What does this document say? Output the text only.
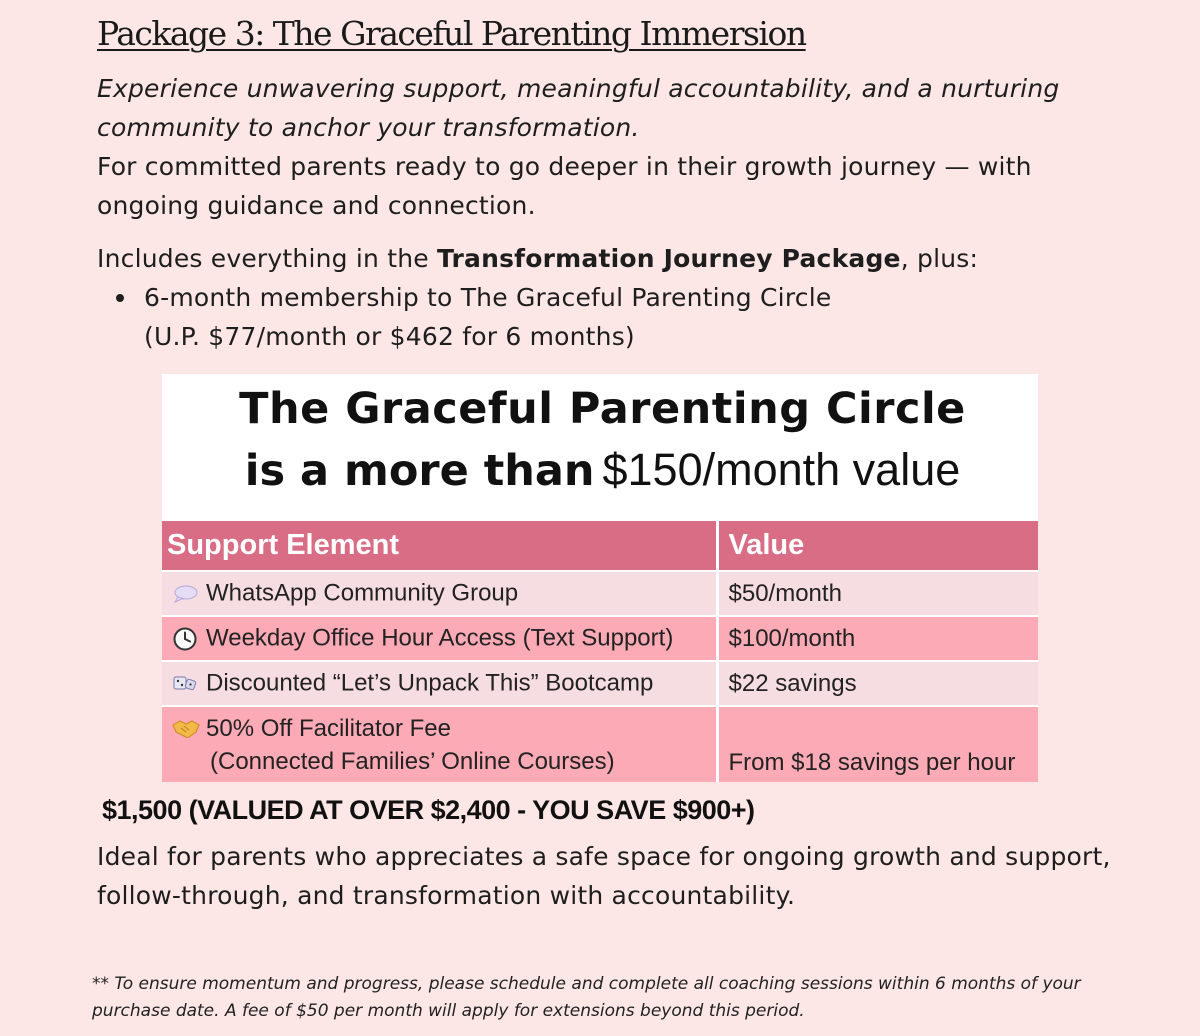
Package 3: The Graceful Parenting Immersion
Experience unwavering support, meaningful accountability, and a nurturing community to anchor your transformation.
For committed parents ready to go deeper in their growth journey — with ongoing guidance and connection.
Includes everything in the Transformation Journey Package, plus:
6-month membership to The Graceful Parenting Circle
(U.P. $77/month or $462 for 6 months)
The Graceful Parenting Circle
is a more than $150/month value
Support Element	Value

WhatsApp Community Group	$50/month

Weekday Office Hour Access (Text Support)	$100/month

Discounted “Let’s Unpack This” Bootcamp	$22 savings

50% Off Facilitator Fee
(Connected Families’ Online Courses)	From $18 savings per hour
$1,500 (VALUED AT OVER $2,400 - YOU SAVE $900+)
Ideal for parents who appreciates a safe space for ongoing growth and support, follow-through, and transformation with accountability.
** To ensure momentum and progress, please schedule and complete all coaching sessions within 6 months of your purchase date. A fee of $50 per month will apply for extensions beyond this period.
